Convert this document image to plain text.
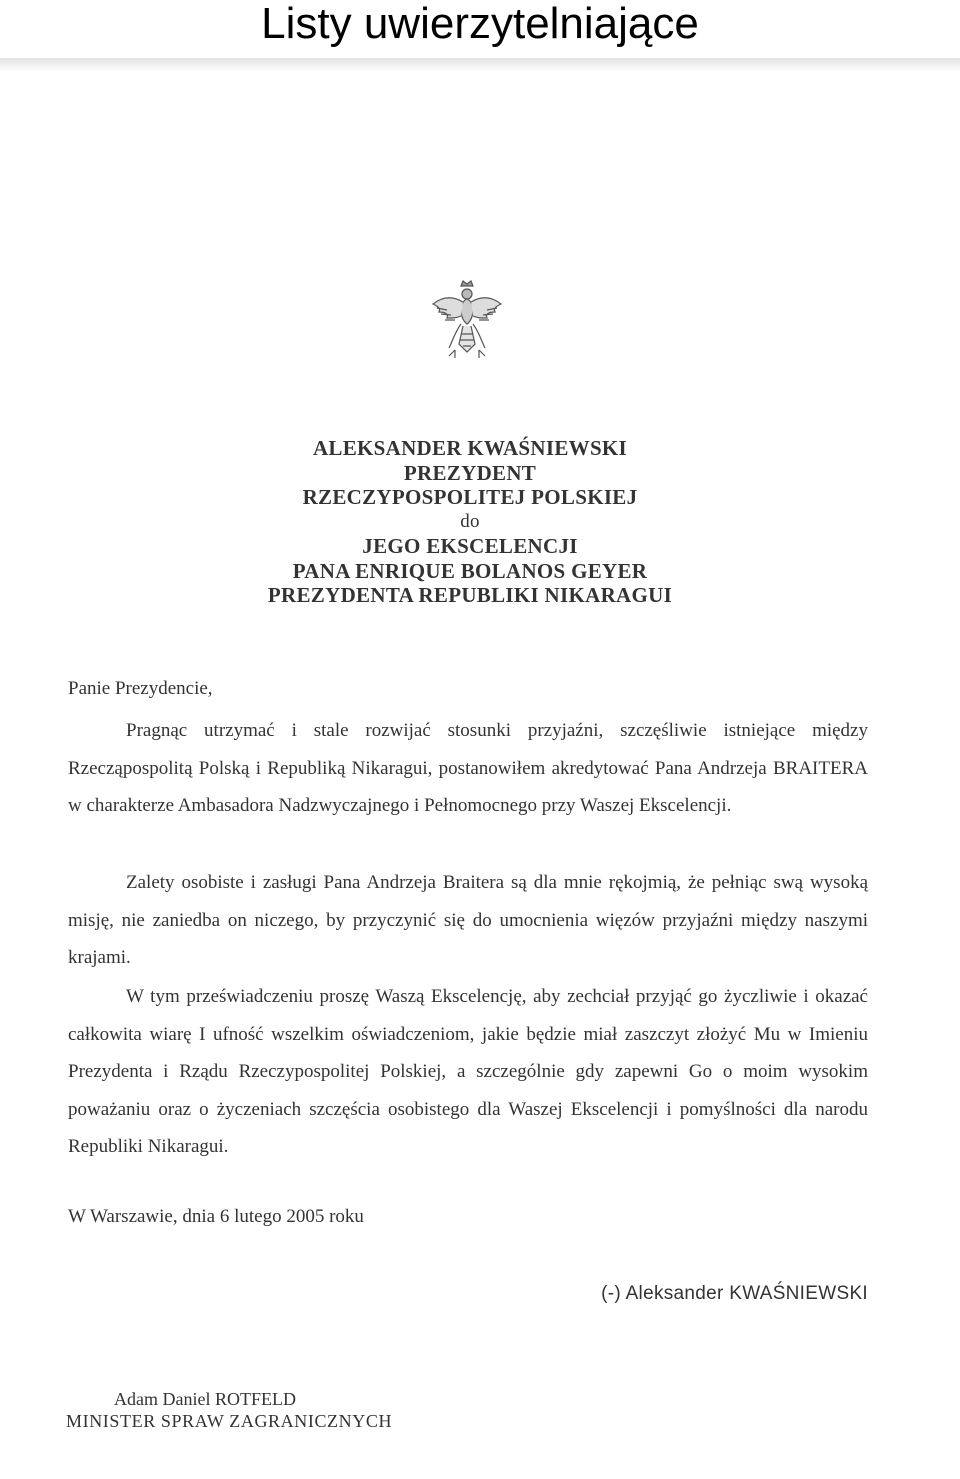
Listy uwierzytelniające
ALEKSANDER KWAŚNIEWSKI
PREZYDENT
RZECZYPOSPOLITEJ POLSKIEJ
do
JEGO EKSCELENCJI
PANA ENRIQUE BOLANOS GEYER
PREZYDENTA REPUBLIKI NIKARAGUI
Panie Prezydencie,

Pragnąc utrzymać i stale rozwijać stosunki przyjaźni, szczęśliwie istniejące między Rzecząpospolitą Polską i Republiką Nikaragui, postanowiłem akredytować Pana Andrzeja BRAITERA w charakterze Ambasadora Nadzwyczajnego i Pełnomocnego przy Waszej Ekscelencji.

Zalety osobiste i zasługi Pana Andrzeja Braitera są dla mnie rękojmią, że pełniąc swą wysoką misję, nie zaniedba on niczego, by przyczynić się do umocnienia więzów przyjaźni między naszymi krajami.

W tym przeświadczeniu proszę Waszą Ekscelencję, aby zechciał przyjąć go życzliwie i okazać całkowita wiarę I ufność wszelkim oświadczeniom, jakie będzie miał zaszczyt złożyć Mu w Imieniu Prezydenta i Rządu Rzeczypospolitej Polskiej, a szczególnie gdy zapewni Go o moim wysokim poważaniu oraz o życzeniach szczęścia osobistego dla Waszej Ekscelencji i pomyślności dla narodu Republiki Nikaragui.

W Warszawie, dnia 6 lutego 2005 roku
(-) Aleksander KWAŚNIEWSKI
Adam Daniel ROTFELD
MINISTER SPRAW ZAGRANICZNYCH
